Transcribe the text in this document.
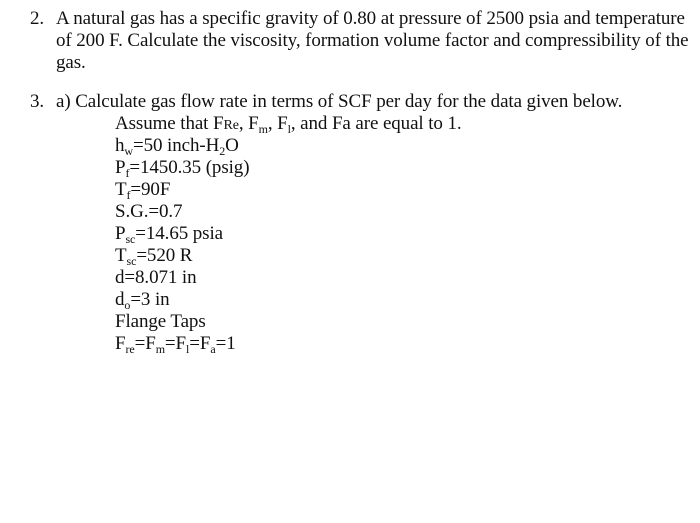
2. A natural gas has a specific gravity of 0.80 at pressure of 2500 psia and temperature
of 200 F. Calculate the viscosity, formation volume factor and compressibility of the
gas.
3. a) Calculate gas flow rate in terms of SCF per day for the data given below.
Assume that FRe, $F_m$, $F_l$, and Fa are equal to 1.
$h_w=50$ inch-$H_2O$
$P_f=1450.35$ (psig)
$T_f=90F$
S.G.=0.7
$P_{sc}=14.65$ psia
$T_{sc}=520$ R
d=8.071 in
$d_o=3$ in
Flange Taps
$F_{re}=F_m=F_l=F_a=1$
